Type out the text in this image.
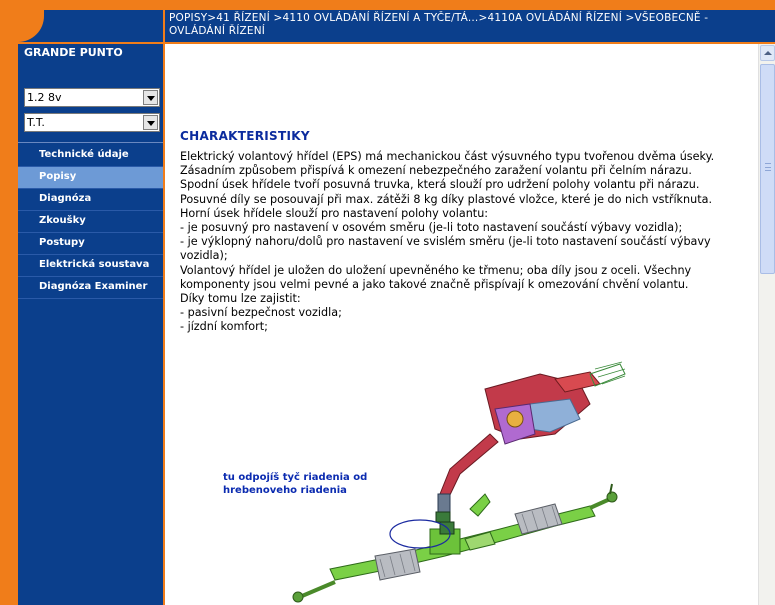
POPISY>41 ŘÍZENÍ >4110 OVLÁDÁNÍ ŘÍZENÍ A TYČE/TÁ...>4110A OVLÁDÁNÍ ŘÍZENÍ >VŠEOBECNĚ -
OVLÁDÁNÍ ŘÍZENÍ
GRANDE PUNTO
1.2 8v
T.T.
Technické údaje
Popisy
Diagnóza
Zkoušky
Postupy
Elektrická soustava
Diagnóza Examiner
CHARAKTERISTIKY

Elektrický volantový hřídel (EPS) má mechanickou část výsuvného typu tvořenou dvěma úseky.

Zásadním způsobem přispívá k omezení nebezpečného zaražení volantu při čelním nárazu.

Spodní úsek hřídele tvoří posuvná truvka, která slouží pro udržení polohy volantu při nárazu.

Posuvné díly se posouvají při max. zátěži 8 kg díky plastové vložce, které je do nich vstříknuta.

Horní úsek hřídele slouží pro nastavení polohy volantu:

- je posuvný pro nastavení v osovém směru (je-li toto nastavení součástí výbavy vozidla);

- je výklopný nahoru/dolů pro nastavení ve svislém směru (je-li toto nastavení součástí výbavy

vozidla);

Volantový hřídel je uložen do uložení upevněného ke třmenu; oba díly jsou z oceli. Všechny

komponenty jsou velmi pevné a jako takové značně přispívají k omezování chvění volantu.

Díky tomu lze zajistit:

- pasivní bezpečnost vozidla;

- jízdní komfort;

tu odpojíš tyč riadenia od
hrebenoveho riadenia
